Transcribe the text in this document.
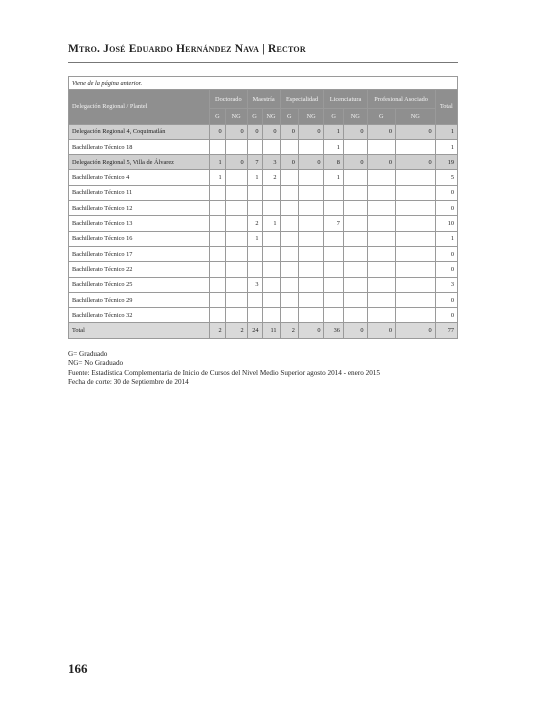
Mtro. José Eduardo Hernández Nava | Rector
Viene de la página anterior.											
Delegación Regional / Plantel	Doctorado		Maestría		Especialidad		Licenciatura		Profesional Asociado		Total
	G	NG	G	NG	G	NG	G	NG	G	NG	
Delegación Regional 4, Coquimatlán	0	0	0	0	0	0	1	0	0	0	1
Bachillerato Técnico 18							1				1
Delegación Regional 5, Villa de Álvarez	1	0	7	3	0	0	8	0	0	0	19
Bachillerato Técnico 4	1		1	2			1				5
Bachillerato Técnico 11											0
Bachillerato Técnico 12											0
Bachillerato Técnico 13			2	1			7				10
Bachillerato Técnico 16			1								1
Bachillerato Técnico 17											0
Bachillerato Técnico 22											0
Bachillerato Técnico 25			3								3
Bachillerato Técnico 29											0
Bachillerato Técnico 32											0
Total	2	2	24	11	2	0	36	0	0	0	77
G= Graduado
NG= No Graduado
Fuente: Estadística Complementaria de Inicio de Cursos del Nivel Medio Superior agosto 2014 - enero 2015
Fecha de corte: 30 de Septiembre de 2014
166
